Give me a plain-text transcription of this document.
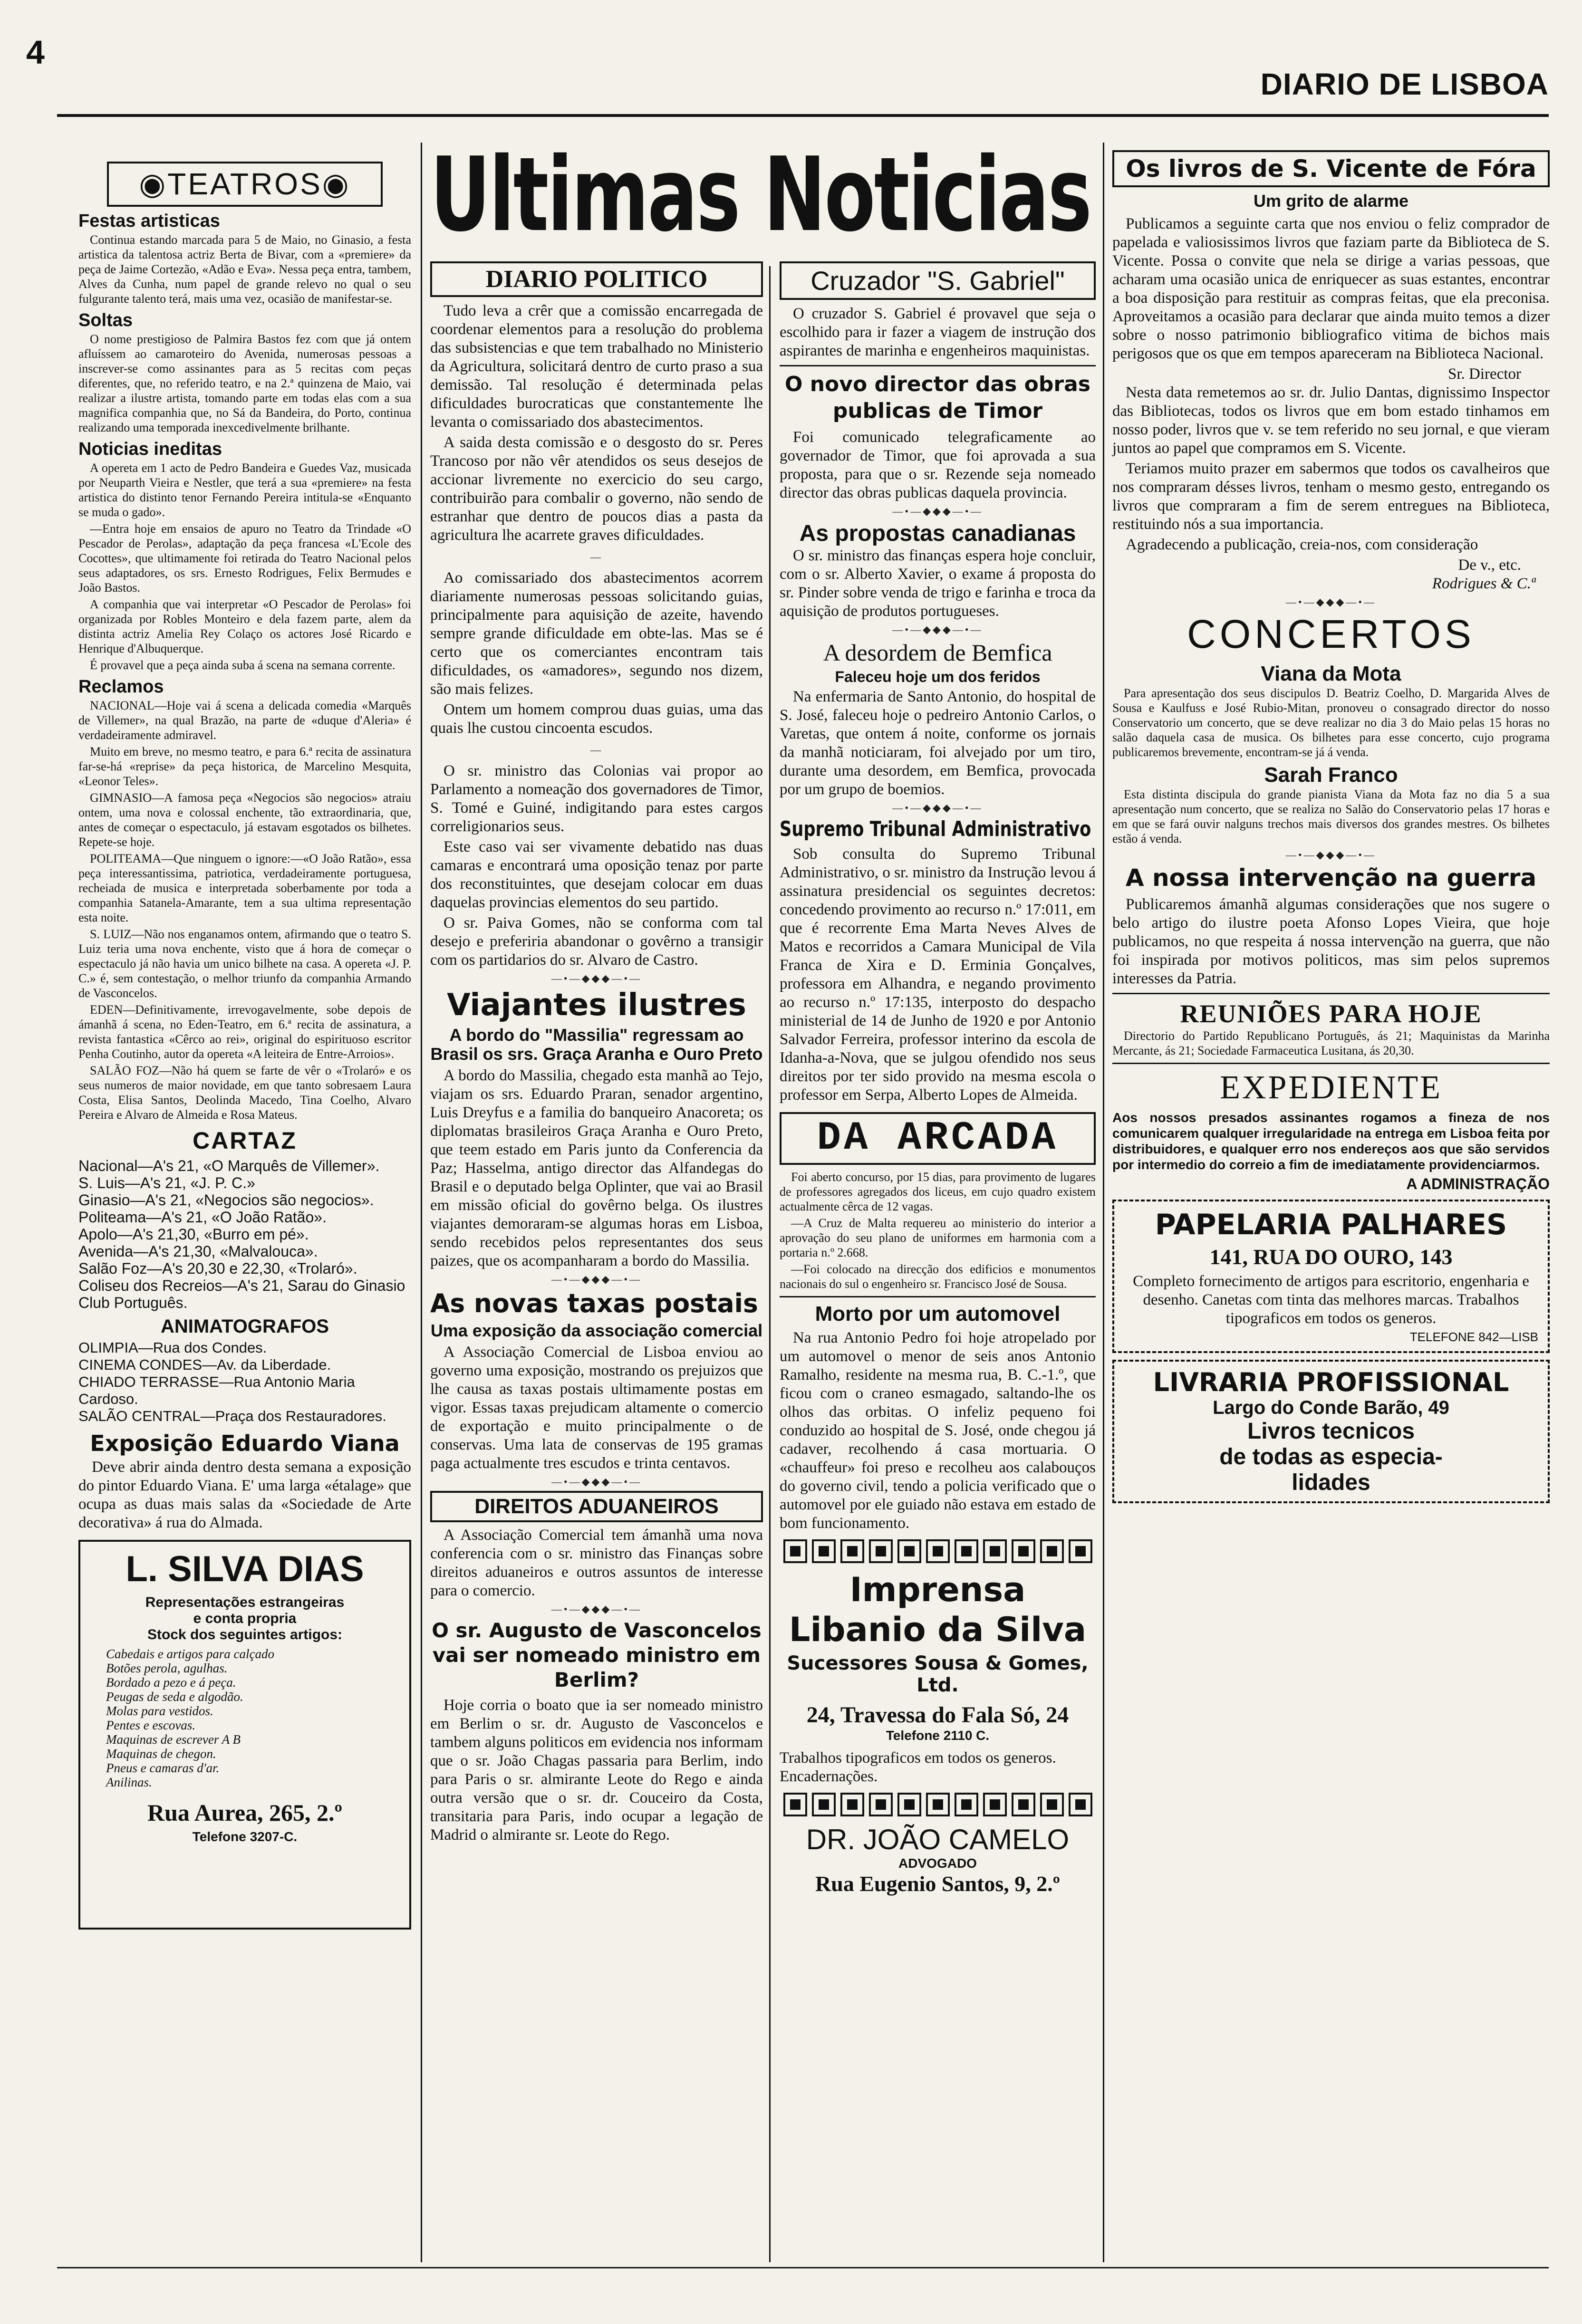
4
DIARIO DE LISBOA
◉TEATROS◉
Festas artisticas

Continua estando marcada para 5 de Maio, no Ginasio, a festa artistica da talentosa actriz Berta de Bivar, com a «premiere» da peça de Jaime Cortezão, «Adão e Eva». Nessa peça entra, tambem, Alves da Cunha, num papel de grande relevo no qual o seu fulgurante talento terá, mais uma vez, ocasião de manifestar-se.

Soltas

O nome prestigioso de Palmira Bastos fez com que já ontem afluíssem ao camaroteiro do Avenida, numerosas pessoas a inscrever-se como assinantes para as 5 recitas com peças diferentes, que, no referido teatro, e na 2.ª quinzena de Maio, vai realizar a ilustre artista, tomando parte em todas elas com a sua magnifica companhia que, no Sá da Bandeira, do Porto, continua realizando uma temporada inexcedivelmente brilhante.

Noticias ineditas

A opereta em 1 acto de Pedro Bandeira e Guedes Vaz, musicada por Neuparth Vieira e Nestler, que terá a sua «premiere» na festa artistica do distinto tenor Fernando Pereira intitula-se «Enquanto se muda o gado».

—Entra hoje em ensaios de apuro no Teatro da Trindade «O Pescador de Perolas», adaptação da peça francesa «L'Ecole des Cocottes», que ultimamente foi retirada do Teatro Nacional pelos seus adaptadores, os srs. Ernesto Rodrigues, Felix Bermudes e João Bastos.

A companhia que vai interpretar «O Pescador de Perolas» foi organizada por Robles Monteiro e dela fazem parte, alem da distinta actriz Amelia Rey Colaço os actores José Ricardo e Henrique d'Albuquerque.

É provavel que a peça ainda suba á scena na semana corrente.

Reclamos

NACIONAL—Hoje vai á scena a delicada comedia «Marquês de Villemer», na qual Brazão, na parte de «duque d'Aleria» é verdadeiramente admiravel.

Muito em breve, no mesmo teatro, e para 6.ª recita de assinatura far-se-há «reprise» da peça historica, de Marcelino Mesquita, «Leonor Teles».

GIMNASIO—A famosa peça «Negocios são negocios» atraiu ontem, uma nova e colossal enchente, tão extraordinaria, que, antes de começar o espectaculo, já estavam esgotados os bilhetes. Repete-se hoje.

POLITEAMA—Que ninguem o ignore:—«O João Ratão», essa peça interessantissima, patriotica, verdadeiramente portuguesa, recheiada de musica e interpretada soberbamente por toda a companhia Satanela-Amarante, tem a sua ultima representação esta noite.

S. LUIZ—Não nos enganamos ontem, afirmando que o teatro S. Luiz teria uma nova enchente, visto que á hora de começar o espectaculo já não havia um unico bilhete na casa. A opereta «J. P. C.» é, sem contestação, o melhor triunfo da companhia Armando de Vasconcelos.

EDEN—Definitivamente, irrevogavelmente, sobe depois de ámanhã á scena, no Eden-Teatro, em 6.ª recita de assinatura, a revista fantastica «Cêrco ao rei», original do espirituoso escritor Penha Coutinho, autor da opereta «A leiteira de Entre-Arroios».

SALÃO FOZ—Não há quem se farte de vêr o «Trolaró» e os seus numeros de maior novidade, em que tanto sobresaem Laura Costa, Elisa Santos, Deolinda Macedo, Tina Coelho, Alvaro Pereira e Alvaro de Almeida e Rosa Mateus.

CARTAZ
Nacional—A's 21, «O Marquês de Villemer».
S. Luis—A's 21, «J. P. C.»
Ginasio—A's 21, «Negocios são negocios».
Politeama—A's 21, «O João Ratão».
Apolo—A's 21,30, «Burro em pé».
Avenida—A's 21,30, «Malvalouca».
Salão Foz—A's 20,30 e 22,30, «Trolaró».
Coliseu dos Recreios—A's 21, Sarau do Ginasio Club Português.
ANIMATOGRAFOS
OLIMPIA—Rua dos Condes.
CINEMA CONDES—Av. da Liberdade.
CHIADO TERRASSE—Rua Antonio Maria Cardoso.
SALÃO CENTRAL—Praça dos Restauradores.
Exposição Eduardo Viana

Deve abrir ainda dentro desta semana a exposição do pintor Eduardo Viana. E' uma larga «étalage» que ocupa as duas mais salas da «Sociedade de Arte decorativa» á rua do Almada.

L. SILVA DIAS
Representações estrangeiras
e conta propria
Stock dos seguintes artigos:
Cabedais e artigos para calçado
Botões perola, agulhas.
Bordado a pezo e á peça.
Peugas de seda e algodão.
Molas para vestidos.
Pentes e escovas.
Maquinas de escrever A B
Maquinas de chegon.
Pneus e camaras d'ar.
Anilinas.
Rua Aurea, 265, 2.º
Telefone 3207-C.
Ultimas Noticias
DIARIO POLITICO

Tudo leva a crêr que a comissão encarregada de coordenar elementos para a resolução do problema das subsistencias e que tem trabalhado no Ministerio da Agricultura, solicitará dentro de curto praso a sua demissão. Tal resolução é determinada pelas dificuldades burocraticas que constantemente lhe levanta o comissariado dos abastecimentos.

A saida desta comissão e o desgosto do sr. Peres Trancoso por não vêr atendidos os seus desejos de accionar livremente no exercicio do seu cargo, contribuirão para combalir o governo, não sendo de estranhar que dentro de poucos dias a pasta da agricultura lhe acarrete graves dificuldades.

—

Ao comissariado dos abastecimentos acorrem diariamente numerosas pessoas solicitando guias, principalmente para aquisição de azeite, havendo sempre grande dificuldade em obte-las. Mas se é certo que os comerciantes encontram tais dificuldades, os «amadores», segundo nos dizem, são mais felizes.

Ontem um homem comprou duas guias, uma das quais lhe custou cincoenta escudos.

—

O sr. ministro das Colonias vai propor ao Parlamento a nomeação dos governadores de Timor, S. Tomé e Guiné, indigitando para estes cargos correligionarios seus.

Este caso vai ser vivamente debatido nas duas camaras e encontrará uma oposição tenaz por parte dos reconstituintes, que desejam colocar em duas daquelas provincias elementos do seu partido.

O sr. Paiva Gomes, não se conforma com tal desejo e preferiria abandonar o govêrno a transigir com os partidarios do sr. Alvaro de Castro.

—•—◆◆◆—•—
Viajantes ilustres
A bordo do "Massilia" regressam ao Brasil os srs. Graça Aranha e Ouro Preto

A bordo do Massilia, chegado esta manhã ao Tejo, viajam os srs. Eduardo Praran, senador argentino, Luis Dreyfus e a familia do banqueiro Anacoreta; os diplomatas brasileiros Graça Aranha e Ouro Preto, que teem estado em Paris junto da Conferencia da Paz; Hasselma, antigo director das Alfandegas do Brasil e o deputado belga Oplinter, que vai ao Brasil em missão oficial do govêrno belga. Os ilustres viajantes demoraram-se algumas horas em Lisboa, sendo recebidos pelos representantes dos seus paizes, que os acompanharam a bordo do Massilia.

—•—◆◆◆—•—
As novas taxas postais
Uma exposição da associação comercial

A Associação Comercial de Lisboa enviou ao governo uma exposição, mostrando os prejuizos que lhe causa as taxas postais ultimamente postas em vigor. Essas taxas prejudicam altamente o comercio de exportação e muito principalmente o de conservas. Uma lata de conservas de 195 gramas paga actualmente tres escudos e trinta centavos.

—•—◆◆◆—•—
DIREITOS ADUANEIROS

A Associação Comercial tem ámanhã uma nova conferencia com o sr. ministro das Finanças sobre direitos aduaneiros e outros assuntos de interesse para o comercio.

—•—◆◆◆—•—
O sr. Augusto de Vasconcelos vai ser nomeado ministro em Berlim?

Hoje corria o boato que ia ser nomeado ministro em Berlim o sr. dr. Augusto de Vasconcelos e tambem alguns politicos em evidencia nos informam que o sr. João Chagas passaria para Berlim, indo para Paris o sr. almirante Leote do Rego e ainda outra versão que o sr. dr. Couceiro da Costa, transitaria para Paris, indo ocupar a legação de Madrid o almirante sr. Leote do Rego.

Cruzador "S. Gabriel"

O cruzador S. Gabriel é provavel que seja o escolhido para ir fazer a viagem de instrução dos aspirantes de marinha e engenheiros maquinistas.

O novo director das obras publicas de Timor

Foi comunicado telegraficamente ao governador de Timor, que foi aprovada a sua proposta, para que o sr. Rezende seja nomeado director das obras publicas daquela provincia.

—•—◆◆◆—•—
As propostas canadianas

O sr. ministro das finanças espera hoje concluir, com o sr. Alberto Xavier, o exame á proposta do sr. Pinder sobre venda de trigo e farinha e troca da aquisição de produtos portugueses.

—•—◆◆◆—•—
A desordem de Bemfica
Faleceu hoje um dos feridos

Na enfermaria de Santo Antonio, do hospital de S. José, faleceu hoje o pedreiro Antonio Carlos, o Varetas, que ontem á noite, conforme os jornais da manhã noticiaram, foi alvejado por um tiro, durante uma desordem, em Bemfica, provocada por um grupo de boemios.

—•—◆◆◆—•—
Supremo Tribunal Administrativo

Sob consulta do Supremo Tribunal Administrativo, o sr. ministro da Instrução levou á assinatura presidencial os seguintes decretos: concedendo provimento ao recurso n.º 17:011, em que é recorrente Ema Marta Neves Alves de Matos e recorridos a Camara Municipal de Vila Franca de Xira e D. Erminia Gonçalves, professora em Alhandra, e negando provimento ao recurso n.º 17:135, interposto do despacho ministerial de 14 de Junho de 1920 e por Antonio Salvador Ferreira, professor interino da escola de Idanha-a-Nova, que se julgou ofendido nos seus direitos por ter sido provido na mesma escola o professor em Serpa, Alberto Lopes de Almeida.

DA ARCADA

Foi aberto concurso, por 15 dias, para provimento de lugares de professores agregados dos liceus, em cujo quadro existem actualmente cêrca de 12 vagas.

—A Cruz de Malta requereu ao ministerio do interior a aprovação do seu plano de uniformes em harmonia com a portaria n.º 2.668.

—Foi colocado na direcção dos edificios e monumentos nacionais do sul o engenheiro sr. Francisco José de Sousa.

Morto por um automovel

Na rua Antonio Pedro foi hoje atropelado por um automovel o menor de seis anos Antonio Ramalho, residente na mesma rua, B. C.-1.º, que ficou com o craneo esmagado, saltando-lhe os olhos das orbitas. O infeliz pequeno foi conduzido ao hospital de S. José, onde chegou já cadaver, recolhendo á casa mortuaria. O «chauffeur» foi preso e recolheu aos calabouços do governo civil, tendo a policia verificado que o automovel por ele guiado não estava em estado de bom funcionamento.

Imprensa Libanio da Silva
Sucessores Sousa & Gomes, Ltd.
24, Travessa do Fala Só, 24
Telefone 2110 C.
Trabalhos tipograficos em todos os generos. Encadernações.
DR. JOÃO CAMELO
ADVOGADO
Rua Eugenio Santos, 9, 2.º
Os livros de S. Vicente de Fóra
Um grito de alarme

Publicamos a seguinte carta que nos enviou o feliz comprador de papelada e valiosissimos livros que faziam parte da Biblioteca de S. Vicente. Possa o convite que nela se dirige a varias pessoas, que acharam uma ocasião unica de enriquecer as suas estantes, encontrar a boa disposição para restituir as compras feitas, que ela preconisa. Aproveitamos a ocasião para declarar que ainda muito temos a dizer sobre o nosso patrimonio bibliografico vitima de bichos mais perigosos que os que em tempos apareceram na Biblioteca Nacional.

Sr. Director

Nesta data remetemos ao sr. dr. Julio Dantas, dignissimo Inspector das Bibliotecas, todos os livros que em bom estado tinhamos em nosso poder, livros que v. se tem referido no seu jornal, e que vieram juntos ao papel que compramos em S. Vicente.

Teriamos muito prazer em sabermos que todos os cavalheiros que nos compraram désses livros, tenham o mesmo gesto, entregando os livros que compraram a fim de serem entregues na Biblioteca, restituindo nós a sua importancia.

Agradecendo a publicação, creia-nos, com consideração

De v., etc.
Rodrigues & C.ª
—•—◆◆◆—•—
CONCERTOS
Viana da Mota

Para apresentação dos seus discipulos D. Beatriz Coelho, D. Margarida Alves de Sousa e Kaulfuss e José Rubio-Mitan, pronoveu o consagrado director do nosso Conservatorio um concerto, que se deve realizar no dia 3 do Maio pelas 15 horas no salão daquela casa de musica. Os bilhetes para esse concerto, cujo programa publicaremos brevemente, encontram-se já á venda.

Sarah Franco

Esta distinta discipula do grande pianista Viana da Mota faz no dia 5 a sua apresentação num concerto, que se realiza no Salão do Conservatorio pelas 17 horas e em que se fará ouvir nalguns trechos mais diversos dos grandes mestres. Os bilhetes estão á venda.

—•—◆◆◆—•—
A nossa intervenção na guerra

Publicaremos ámanhã algumas considerações que nos sugere o belo artigo do ilustre poeta Afonso Lopes Vieira, que hoje publicamos, no que respeita á nossa intervenção na guerra, que não foi inspirada por motivos politicos, mas sim pelos supremos interesses da Patria.

REUNIÕES PARA HOJE

Directorio do Partido Republicano Português, ás 21; Maquinistas da Marinha Mercante, ás 21; Sociedade Farmaceutica Lusitana, ás 20,30.

EXPEDIENTE
Aos nossos presados assinantes rogamos a fineza de nos comunicarem qualquer irregularidade na entrega em Lisboa feita por distribuidores, e qualquer erro nos endereços aos que são servidos por intermedio do correio a fim de imediatamente providenciarmos.
A ADMINISTRAÇÃO
PAPELARIA PALHARES
141, RUA DO OURO, 143
Completo fornecimento de artigos para escritorio, engenharia e desenho. Canetas com tinta das melhores marcas. Trabalhos tipograficos em todos os generos.
TELEFONE 842—LISB
LIVRARIA PROFISSIONAL
Largo do Conde Barão, 49
Livros tecnicos
de todas as especia-
lidades
